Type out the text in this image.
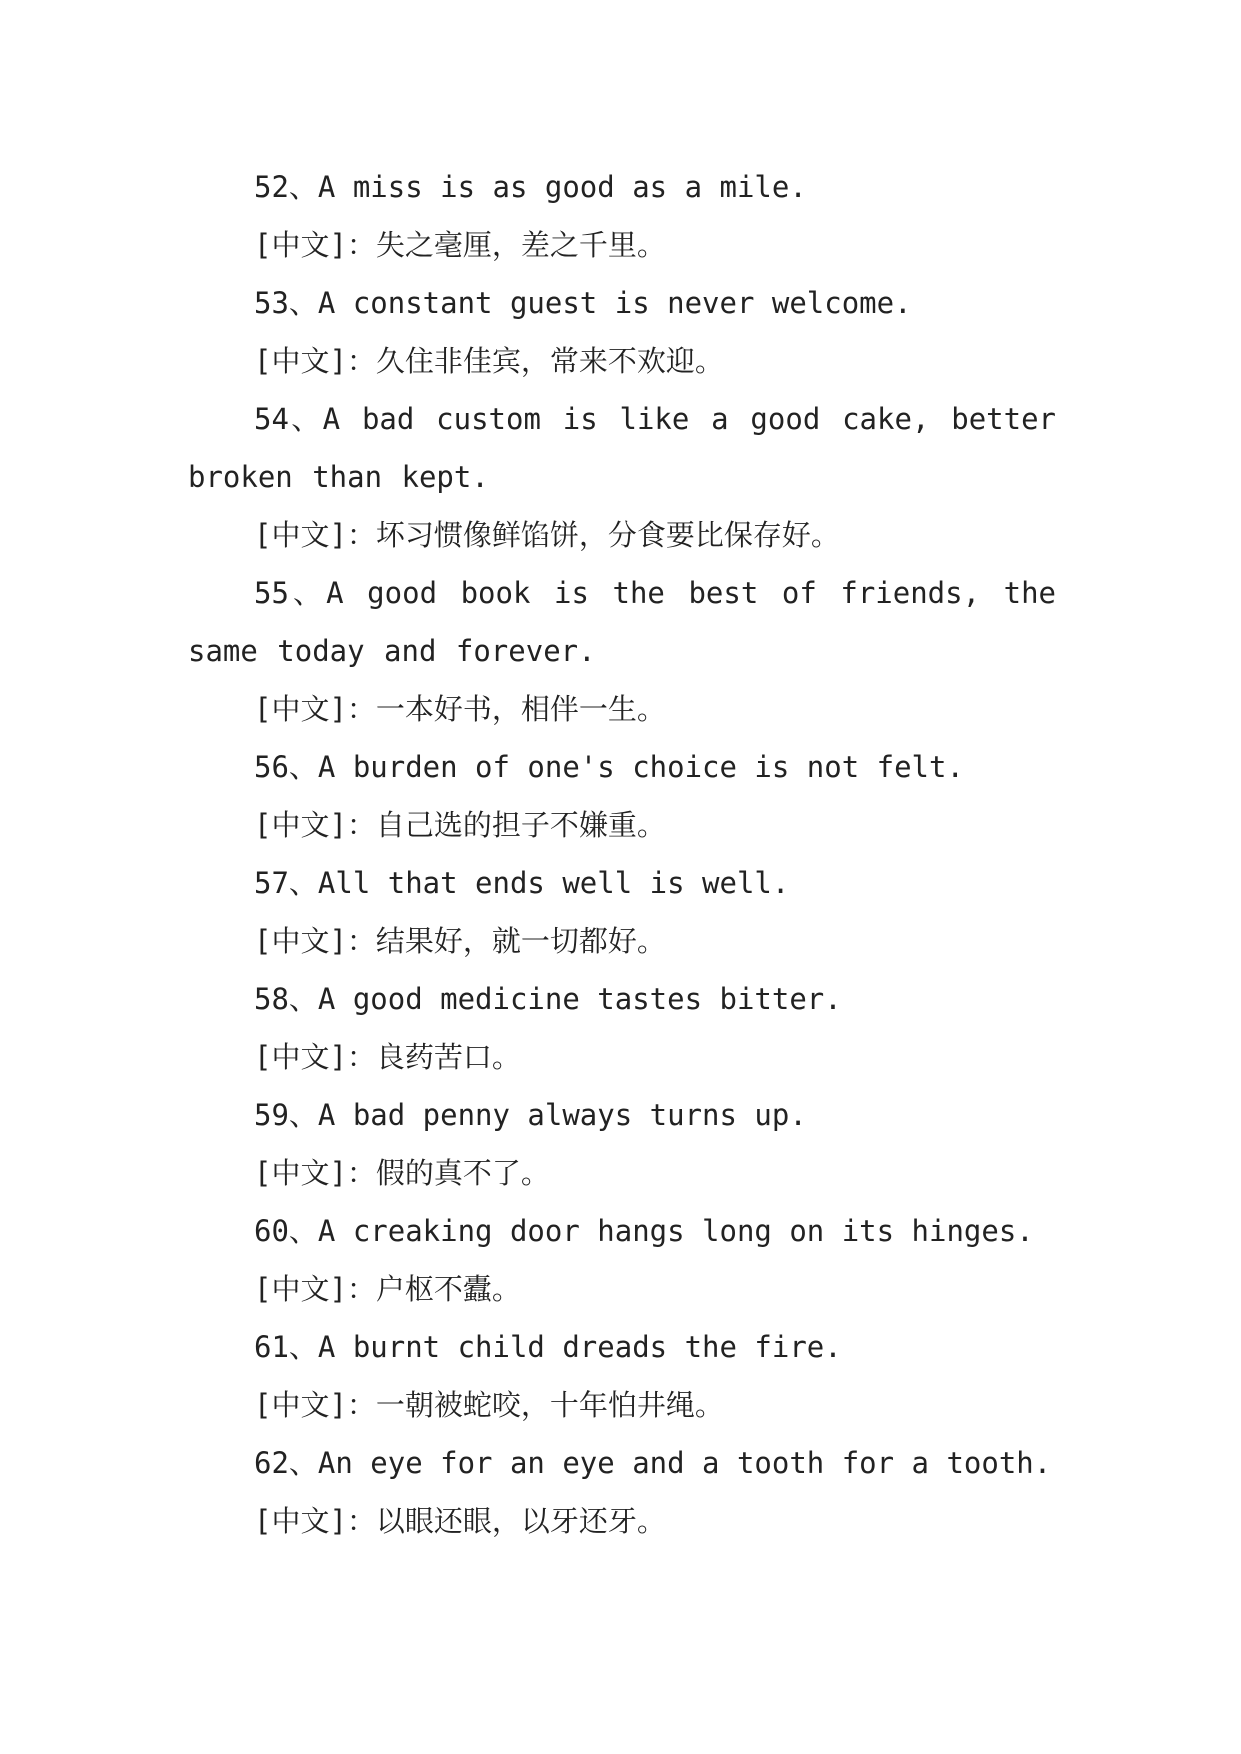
52、A miss is as good as a mile.

[中文]：失之毫厘，差之千里。

53、A constant guest is never welcome.

[中文]：久住非佳宾，常来不欢迎。

54、A bad custom is like a good cake, better broken than kept.

[中文]：坏习惯像鲜馅饼，分食要比保存好。

55、A good book is the best of friends, the same today and forever.

[中文]：一本好书，相伴一生。

56、A burden of one's choice is not felt.

[中文]：自己选的担子不嫌重。

57、All that ends well is well.

[中文]：结果好，就一切都好。

58、A good medicine tastes bitter.

[中文]：良药苦口。

59、A bad penny always turns up.

[中文]：假的真不了。

60、A creaking door hangs long on its hinges.

[中文]：户枢不蠹。

61、A burnt child dreads the fire.

[中文]：一朝被蛇咬，十年怕井绳。

62、An eye for an eye and a tooth for a tooth.

[中文]：以眼还眼，以牙还牙。
